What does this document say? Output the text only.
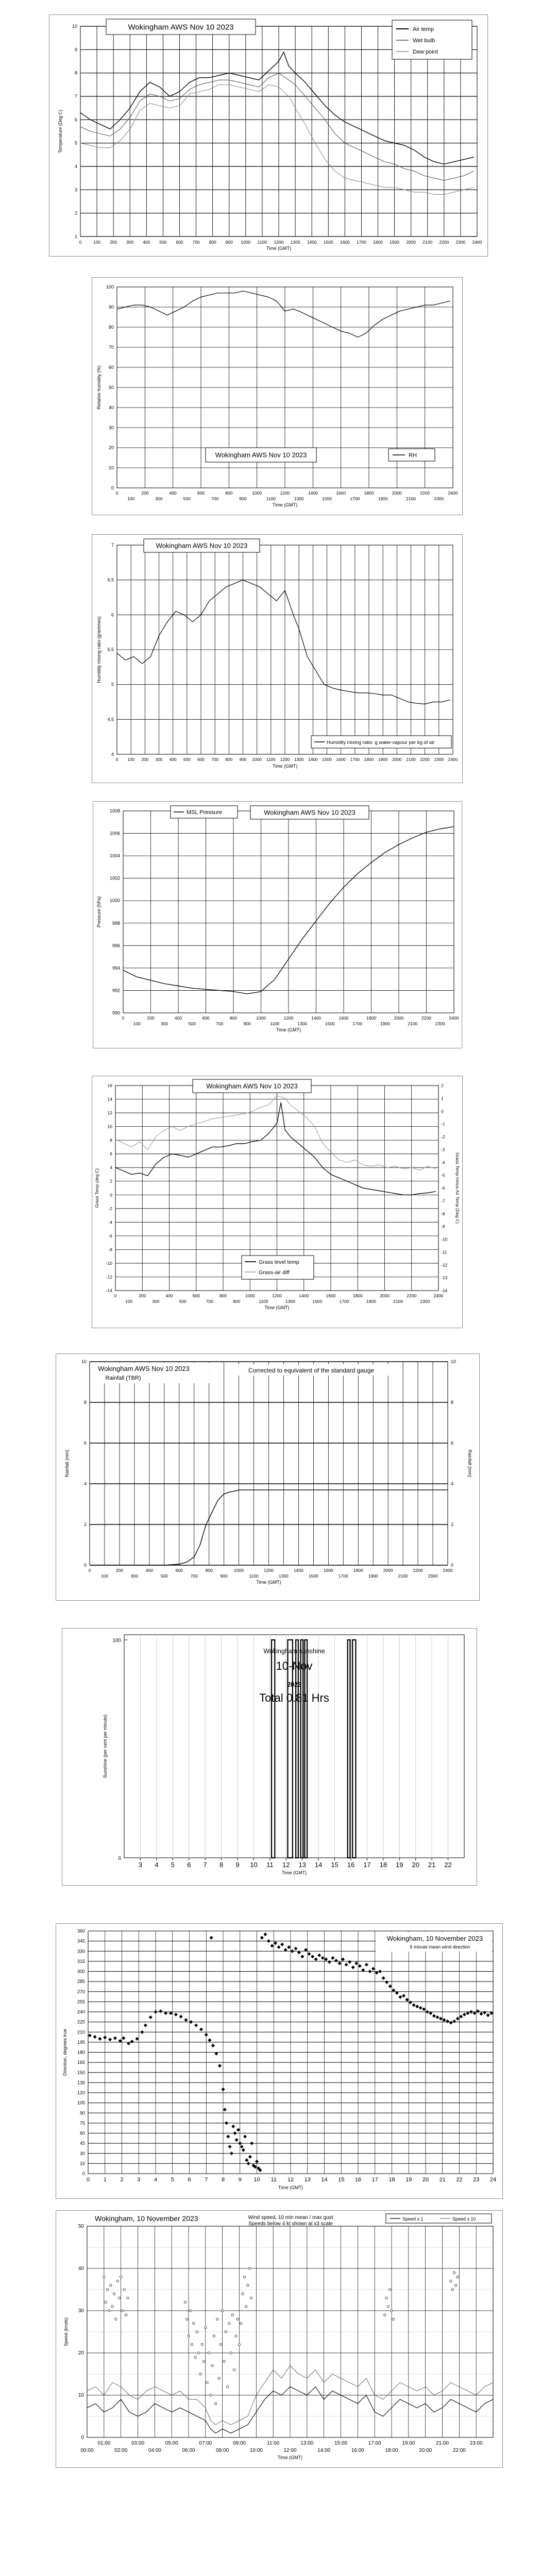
1
2
3
4
5
6
7
8
9
10
0	100 200 300 400 500 600 700 800 900 1000 1100 1200 1300 1400 1500 1600 1700 1800 1900 2000 2100 2200 2300 2400
Time (GMT)
Temperature (Deg C)
Wokingham AWS Nov 10 2023	Air temp
Wet bulb
Dew point
0
10
20
30
40
50
60
70
80
90
100
0	200	400	600	800	1000	1200	1400	1600	1800	2000	2200	2400
100	300	500	700	900	1100	1300	1500	1700	1900	2100	2300
Time (GMT)
Relative humidity (%)
Wokingham AWS Nov 10 2023	RH
4
4.5
5
5.5
6
6.5
7
0 100 200 300 400 500 600 700 800 900 1000 1100 1200 1300 1400 1500 1600 1700 1800 1900 2000 2100 2200 2300 2400
Time (GMT)
Humidity mixing ratio (grammes)
Wokingham AWS Nov 10 2023
Humidity mixing ratio: g water-vapour per kg of air
990
992
994
996
998
1000
1002
1004
1006
1008
0	200	400	600	800	1000	1200	1400	1600	1800	2000	2200	2400
100	300	500	700	900	1100	1300	1500	1700	1900	2100	2300
Time (GMT)
Pressure (hPa)
MSL Pressure	Wokingham AWS Nov 10 2023
-14
-12
-10
-8
-6
-4
-2
0
2
4
6
8
10
12
14
16
-14
-13
-12
-11
-10
-9
-8
-7
-6
-5
-4
-3
-2
-1
0
1
2
0	200	400	600	800	1000	1200	1400	1600	1800	2000	2200	2400
100	300	500	700	900	1100	1300	1500	1700	1900	2100	2300
Time (GMT)
Grass Temp (deg C)	Grass Temp minus Air Temp (Deg C)
Wokingham AWS Nov 10 2023
Grass level temp
Grass-air diff
0
2
4
6
8
10
0
2
4
6
8
10
0	200	400	600	800	1000	1200	1400	1600	1800	2000	2200	2400
100	300	500	700	900	1100	1300	1500	1700	1900	2100	2300
Time (GMT)
Rainfall (mm)	Rainfall (mm)
Wokingham AWS Nov 10 2023
Rainfall (TBR)
Corrected to equivalent of the standard gauge
3 4 5 6 7 8 9 10 11 12 13 14 15 16 17 18 19 20 21 22
Time (GMT)
Sunshine (per cent per minute)
100
0
Wokingham sunshine
10-Nov
2023
Total 0.81 Hrs
0
15
30
45
60
75
90
105
120
135
150
165
180
195
210
225
240
255
270
285
300
315
330
345
360
0 1 2 3 4 5 6 7 8 9 10 11 12 13 14 15 16 17 18 19 20 21 22 23 24
Time (GMT)
Direction, degrees true
Wokingham, 10 November 2023
5 minute mean wind direction
0
10
20
30
40
50
01:00	03:00	05:00	07:00	09:00	11:00	13:00	15:00	17:00	19:00	21:00	23:00
00:00	02:00	04:00	06:00	08:00	10:00	12:00	14:00	16:00	18:00	20:00	22:00
Time (GMT)
Speed (knots)
Wokingham, 10 November 2023	Wind speed, 10 min mean / max gust
Speeds below 4 kt shown at x3 scale
Speed x 1	Speed x 10
